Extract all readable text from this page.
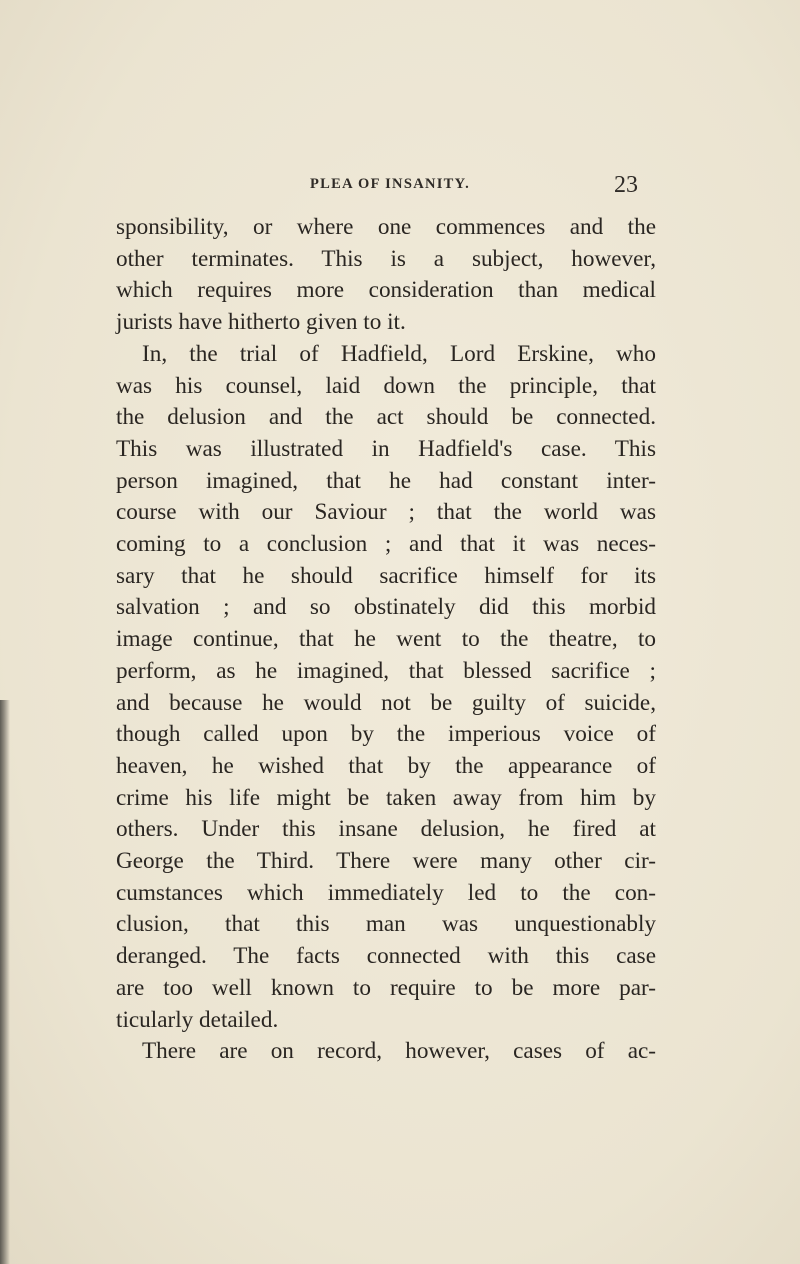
PLEA OF INSANITY.	23
sponsibility, or where one commences and the
other terminates. This is a subject, however,
which requires more consideration than medical
jurists have hitherto given to it.
In, the trial of Hadfield, Lord Erskine, who
was his counsel, laid down the principle, that
the delusion and the act should be connected.
This was illustrated in Hadfield's case. This
person imagined, that he had constant inter-
course with our Saviour ; that the world was
coming to a conclusion ; and that it was neces-
sary that he should sacrifice himself for its
salvation ; and so obstinately did this morbid
image continue, that he went to the theatre, to
perform, as he imagined, that blessed sacrifice ;
and because he would not be guilty of suicide,
though called upon by the imperious voice of
heaven, he wished that by the appearance of
crime his life might be taken away from him by
others. Under this insane delusion, he fired at
George the Third. There were many other cir-
cumstances which immediately led to the con-
clusion, that this man was unquestionably
deranged. The facts connected with this case
are too well known to require to be more par-
ticularly detailed.
There are on record, however, cases of ac-
